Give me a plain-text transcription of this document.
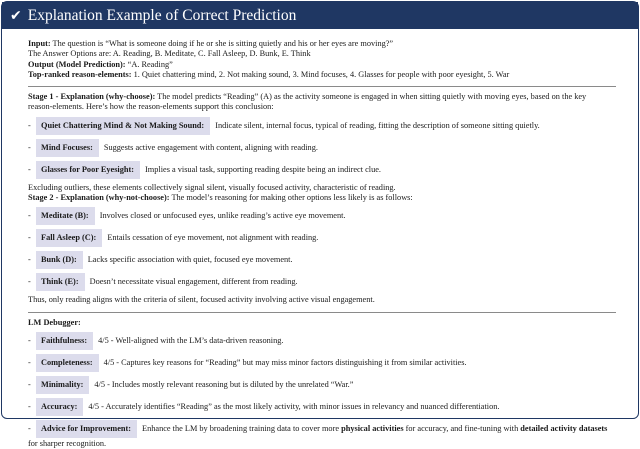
✔ Explanation Example of Correct Prediction
Input: The question is “What is someone doing if he or she is sitting quietly and his or her eyes are moving?”
The Answer Options are: A. Reading, B. Meditate, C. Fall Asleep, D. Bunk, E. Think
Output (Model Prediction): “A. Reading”
Top-ranked reason-elements: 1. Quiet chattering mind, 2. Not making sound, 3. Mind focuses, 4. Glasses for people with poor eyesight, 5. War
Stage 1 - Explanation (why-choose): The model predicts “Reading” (A) as the activity someone is engaged in when sitting quietly with moving eyes, based on the key
reason-elements. Here’s how the reason-elements support this conclusion:
-	Quiet Chattering Mind & Not Making Sound:	Indicate silent, internal focus, typical of reading, fitting the description of someone sitting quietly.
-	Mind Focuses:	Suggests active engagement with content, aligning with reading.
-	Glasses for Poor Eyesight:	Implies a visual task, supporting reading despite being an indirect clue.
Excluding outliers, these elements collectively signal silent, visually focused activity, characteristic of reading.
Stage 2 - Explanation (why-not-choose): The model’s reasoning for making other options less likely is as follows:
-	Meditate (B):	Involves closed or unfocused eyes, unlike reading’s active eye movement.
-	Fall Asleep (C):	Entails cessation of eye movement, not alignment with reading.
-	Bunk (D):	Lacks specific association with quiet, focused eye movement.
-	Think (E):	Doesn’t necessitate visual engagement, different from reading.
Thus, only reading aligns with the criteria of silent, focused activity involving active visual engagement.
LM Debugger:
-	Faithfulness:	4/5 - Well-aligned with the LM’s data-driven reasoning.
-	Completeness:	4/5 - Captures key reasons for “Reading” but may miss minor factors distinguishing it from similar activities.
-	Minimality:	4/5 - Includes mostly relevant reasoning but is diluted by the unrelated “War.”
-	Accuracy:	4/5 - Accurately identifies “Reading” as the most likely activity, with minor issues in relevancy and nuanced differentiation.
-	Advice for Improvement:	Enhance the LM by broadening training data to cover more physical activities for accuracy, and fine-tuning with detailed activity datasets
for sharper recognition.
